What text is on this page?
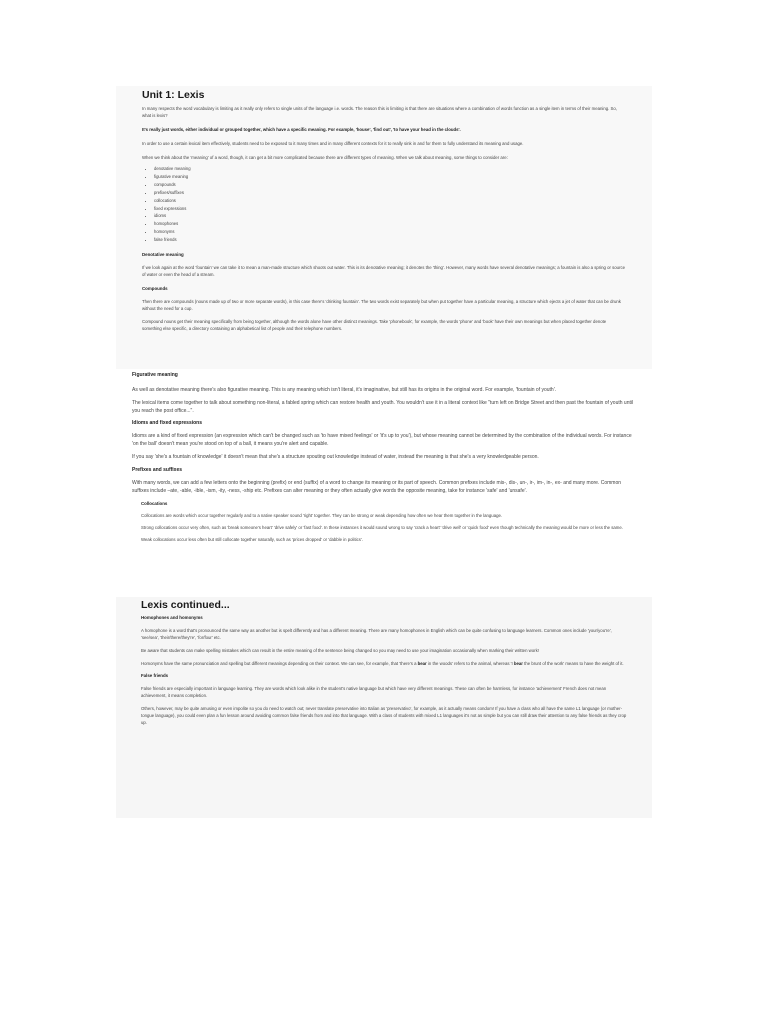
Unit 1: Lexis

In many respects the word vocabulary is limiting as it really only refers to single units of the language i.e. words. The reason this is limiting is that there are situations where a combination of words function as a single item in terms of their meaning. So, what is lexis?

It's really just words, either individual or grouped together, which have a specific meaning. For example, 'house', 'find out', 'to have your head in the clouds'.

In order to use a certain lexical item effectively, students need to be exposed to it many times and in many different contexts for it to really sink in and for them to fully understand its meaning and usage.

When we think about the 'meaning' of a word, though, it can get a bit more complicated because there are different types of meaning. When we talk about meaning, some things to consider are:

• denotative meaning
• figurative meaning
• compounds
• prefixes/suffixes
• collocations
• fixed expressions
• idioms
• homophones
• homonyms
• false friends

Denotative meaning

If we look again at the word 'fountain' we can take it to mean a man-made structure which shoots out water. This is its denotative meaning; it denotes the 'thing'. However, many words have several denotative meanings; a fountain is also a spring or source of water or even the head of a stream.

Compounds

Then there are compounds (nouns made up of two or more separate words), in this case there's 'drinking fountain'. The two words exist separately but when put together have a particular meaning, a structure which ejects a jet of water that can be drunk without the need for a cup.

Compound nouns get their meaning specifically from being together, although the words alone have other distinct meanings. Take 'phonebook', for example, the words 'phone' and 'book' have their own meanings but when placed together denote something else specific, a directory containing an alphabetical list of people and their telephone numbers.

Figurative meaning

As well as denotative meaning there's also figurative meaning. This is any meaning which isn't literal, it's imaginative, but still has its origins in the original word. For example, 'fountain of youth'.

The lexical items come together to talk about something non-literal, a fabled spring which can restore health and youth. You wouldn't use it in a literal context like "turn left on Bridge Street and then past the fountain of youth until you reach the post office...".

Idioms and fixed expressions

Idioms are a kind of fixed expression (an expression which can't be changed such as 'to have mixed feelings' or 'it's up to you'), but whose meaning cannot be determined by the combination of the individual words. For instance 'on the ball' doesn't mean you're stood on top of a ball, it means you're alert and capable.

If you say 'she's a fountain of knowledge' it doesn't mean that she's a structure spouting out knowledge instead of water, instead the meaning is that she's a very knowledgeable person.

Prefixes and suffixes

With many words, we can add a few letters onto the beginning (prefix) or end (suffix) of a word to change its meaning or its part of speech. Common prefixes include mis-, dis-, un-, ir-, im-, in-, ex- and many more. Common suffixes include –ate, -able, -ible, -ism, -ity, -ness, -ship etc. Prefixes can alter meaning or they often actually give words the opposite meaning, take for instance 'safe' and 'unsafe'.

Collocations

Collocations are words which occur together regularly and to a native speaker sound 'right' together. They can be strong or weak depending how often we hear them together in the language.

Strong collocations occur very often, such as 'break someone's heart' 'drive safely' or 'fast food'. In these instances it would sound wrong to say 'crack a heart' 'drive well' or 'quick food' even though technically the meaning would be more or less the same.

Weak collocations occur less often but still collocate together naturally, such as 'prices dropped' or 'dabble in politics'.

Lexis continued...

Homophones and homonyms

A homophone is a word that's pronounced the same way as another but is spelt differently and has a different meaning. There are many homophones in English which can be quite confusing to language learners. Common ones include 'your/you're', 'see/sea', 'their/there/they're', 'for/four' etc.

Be aware that students can make spelling mistakes which can result in the entire meaning of the sentence being changed so you may need to use your imagination occasionally when marking their written work!

Homonyms have the same pronunciation and spelling but different meanings depending on their context. We can see, for example, that 'there's a bear in the woods' refers to the animal, whereas 'I bear the brunt of the work' means to have the weight of it.

False friends

False friends are especially important in language learning. They are words which look alike in the student's native language but which have very different meanings. These can often be harmless, for instance 'achievement' French does not mean achievement, it means completion.

Others, however, may be quite amusing or even impolite so you do need to watch out; never translate preservative into Italian as 'preservativo', for example, as it actually means condom! If you have a class who all have the same L1 language (or mother-tongue language), you could even plan a fun lesson around avoiding common false friends from and into that language. With a class of students with mixed L1 languages it's not as simple but you can still draw their attention to any false friends as they crop up.
